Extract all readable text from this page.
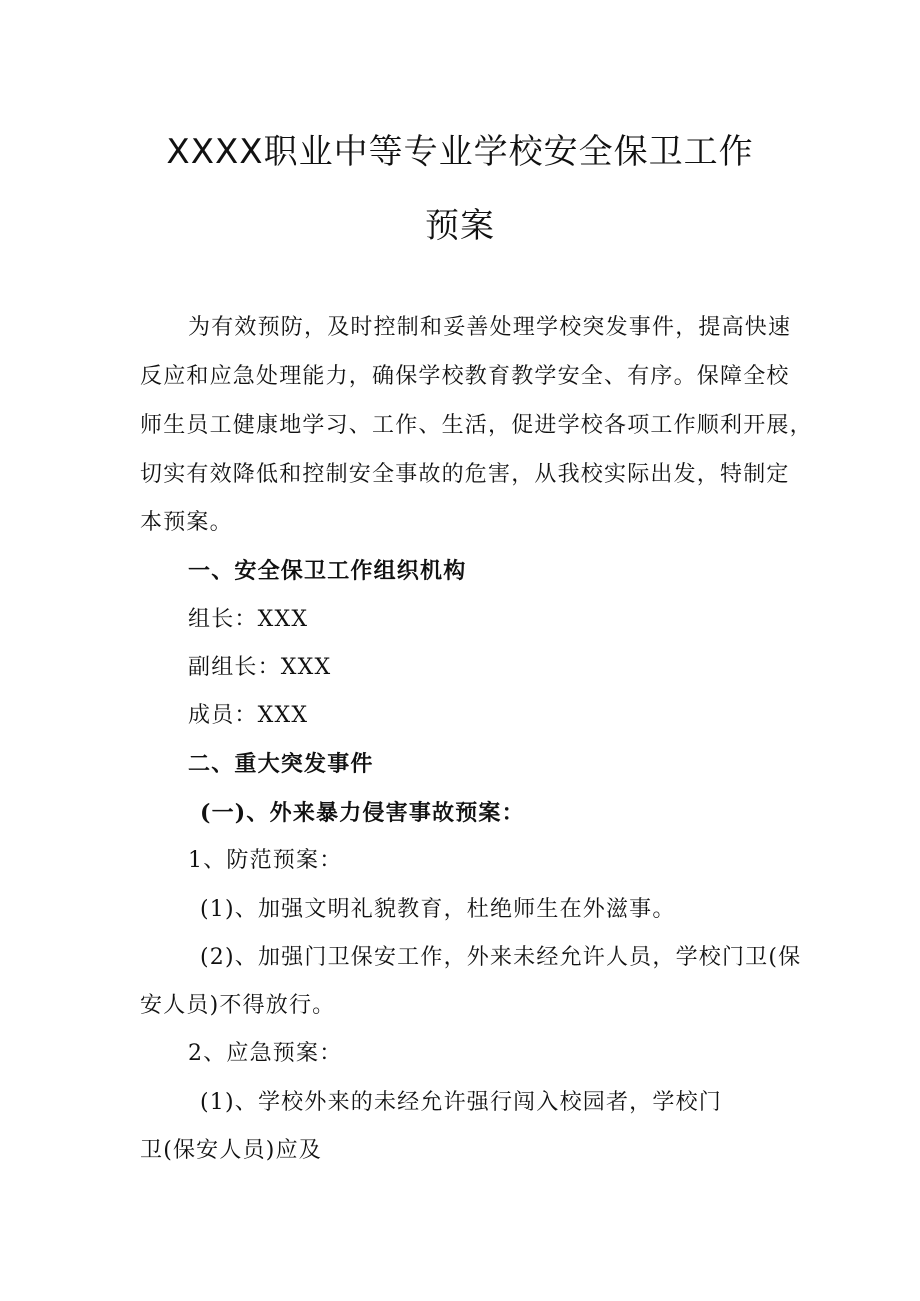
XXXX职业中等专业学校安全保卫工作
预案
为有效预防，及时控制和妥善处理学校突发事件，提高快速
反应和应急处理能力，确保学校教育教学安全、有序。保障全校
师生员工健康地学习、工作、生活，促进学校各项工作顺利开展，
切实有效降低和控制安全事故的危害，从我校实际出发，特制定
本预案。
一、安全保卫工作组织机构
组长：XXX
副组长：XXX
成员：XXX
二、重大突发事件
(一)、外来暴力侵害事故预案：
1、防范预案：
(1)、加强文明礼貌教育，杜绝师生在外滋事。
(2)、加强门卫保安工作，外来未经允许人员，学校门卫(保
安人员)不得放行。
2、应急预案：
(1)、学校外来的未经允许强行闯入校园者，学校门
卫(保安人员)应及
